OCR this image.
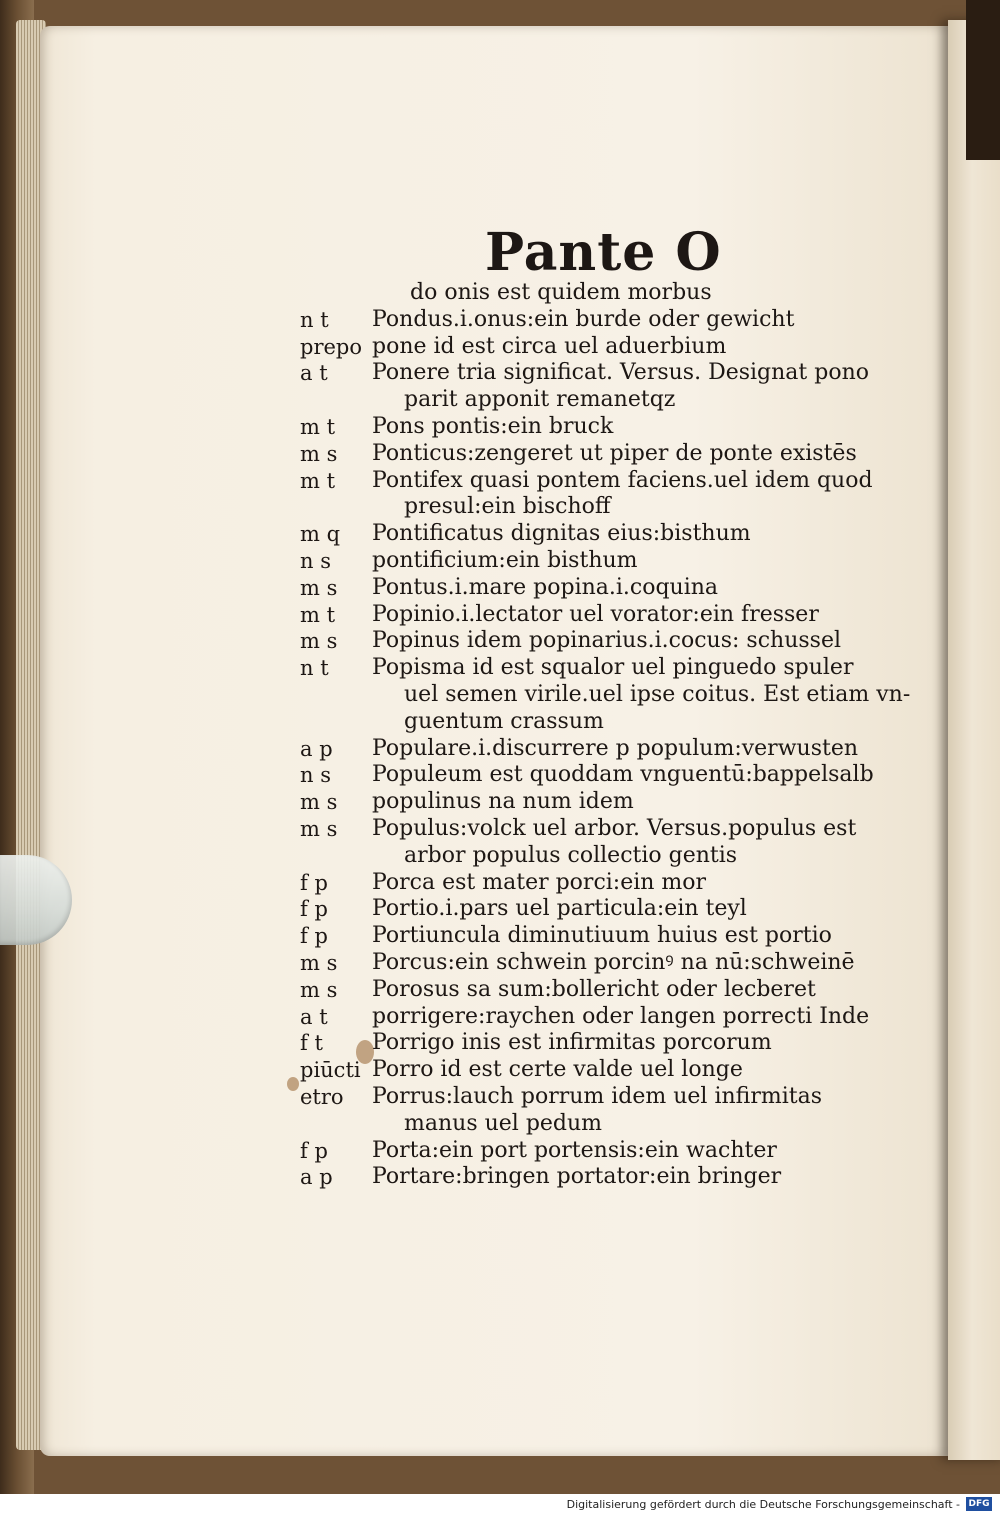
Pante O
do onis est quidem morbus
n t	Pondus.i.onus:ein burde oder gewicht
prepo pone id est circa uel aduerbium
a t	Ponere tria significat. Versus. Designat pono
parit apponit remanetqz
m t	Pons pontis:ein bruck
m s	Ponticus:zengeret ut piper de ponte existēs
m t	Pontifex quasi pontem faciens.uel idem quod
presul:ein bischoff
m q	Pontificatus dignitas eius:bisthum
n s	pontificium:ein bisthum
m s	Pontus.i.mare popina.i.coquina
m t	Popinio.i.lectator uel vorator:ein fresser
m s	Popinus idem popinarius.i.cocus: schussel
n t	Popisma id est squalor uel pinguedo spuler
uel semen virile.uel ipse coitus. Est etiam vn-
guentum crassum
a p	Populare.i.discurrere p populum:verwusten
n s	Populeum est quoddam vnguentū:bappelsalb
m s	populinus na num idem
m s	Populus:volck uel arbor. Versus.populus est
arbor populus collectio gentis
f p	Porca est mater porci:ein mor
f p	Portio.i.pars uel particula:ein teyl
f p	Portiuncula diminutiuum huius est portio
m s	Porcus:ein schwein porcinꝰ na nū:schweinē
m s	Porosus sa sum:bollericht oder lecberet
a t	porrigere:raychen oder langen porrecti Inde
f t	Porrigo inis est infirmitas porcorum
piūcti Porro id est certe valde uel longe
etro	Porrus:lauch porrum idem uel infirmitas
manus uel pedum
f p	Porta:ein port portensis:ein wachter
a p	Portare:bringen portator:ein bringer
Digitalisierung gefördert durch die Deutsche Forschungsgemeinschaft - DFG
